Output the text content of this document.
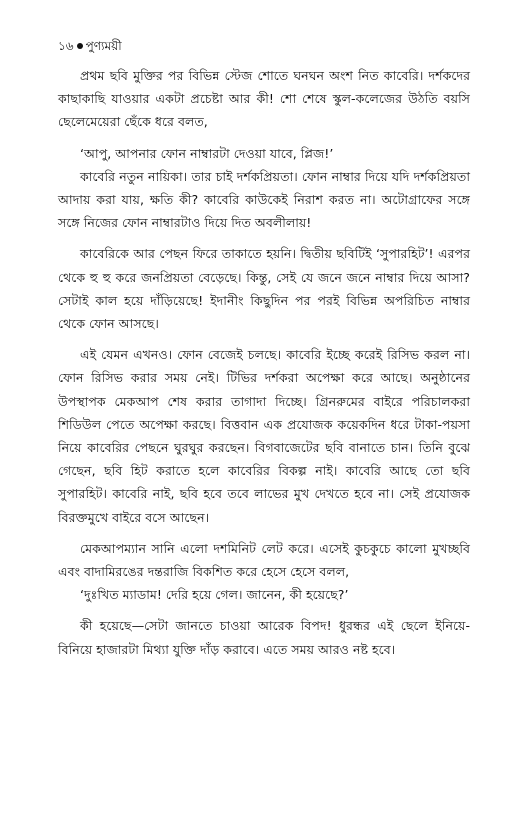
১৬ পুণ্যময়ী

প্রথম ছবি মুক্তির পর বিভিন্ন স্টেজ শোতে ঘনঘন অংশ নিত কাবেরি। দর্শকদের কাছাকাছি যাওয়ার একটা প্রচেষ্টা আর কী! শো শেষে স্কুল-কলেজের উঠতি বয়সি ছেলেমেয়েরা ছেঁকে ধরে বলত,

‘আপু, আপনার ফোন নাম্বারটা দেওয়া যাবে, প্লিজ!’

কাবেরি নতুন নায়িকা। তার চাই দর্শকপ্রিয়তা। ফোন নাম্বার দিয়ে যদি দর্শকপ্রিয়তা আদায় করা যায়, ক্ষতি কী? কাবেরি কাউকেই নিরাশ করত না। অটোগ্রাফের সঙ্গে সঙ্গে নিজের ফোন নাম্বারটাও দিয়ে দিত অবলীলায়!

কাবেরিকে আর পেছন ফিরে তাকাতে হয়নি। দ্বিতীয় ছবিটিই ‘সুপারহিট’! এরপর থেকে হু হু করে জনপ্রিয়তা বেড়েছে। কিন্তু, সেই যে জনে জনে নাম্বার দিয়ে আসা? সেটাই কাল হয়ে দাঁড়িয়েছে! ইদানীং কিছুদিন পর পরই বিভিন্ন অপরিচিত নাম্বার থেকে ফোন আসছে।

এই যেমন এখনও। ফোন বেজেই চলছে। কাবেরি ইচ্ছে করেই রিসিভ করল না। ফোন রিসিভ করার সময় নেই। টিভির দর্শকরা অপেক্ষা করে আছে। অনুষ্ঠানের উপস্থাপক মেকআপ শেষ করার তাগাদা দিচ্ছে। গ্রিনরুমের বাইরে পরিচালকরা শিডিউল পেতে অপেক্ষা করছে। বিত্তবান এক প্রযোজক কয়েকদিন ধরে টাকা-পয়সা নিয়ে কাবেরির পেছনে ঘুরঘুর করছেন। বিগবাজেটের ছবি বানাতে চান। তিনি বুঝে গেছেন, ছবি হিট করাতে হলে কাবেরির বিকল্প নাই। কাবেরি আছে তো ছবি সুপারহিট। কাবেরি নাই, ছবি হবে তবে লাভের মুখ দেখতে হবে না। সেই প্রযোজক বিরক্তমুখে বাইরে বসে আছেন।

মেকআপম্যান সানি এলো দশমিনিট লেট করে। এসেই কুচকুচে কালো মুখচ্ছবি এবং বাদামিরঙের দন্তরাজি বিকশিত করে হেসে হেসে বলল,

‘দুঃখিত ম্যাডাম! দেরি হয়ে গেল। জানেন, কী হয়েছে?’

কী হয়েছে—সেটা জানতে চাওয়া আরেক বিপদ! ধুরন্ধর এই ছেলে ইনিয়ে-বিনিয়ে হাজারটা মিথ্যা যুক্তি দাঁড় করাবে। এতে সময় আরও নষ্ট হবে।
